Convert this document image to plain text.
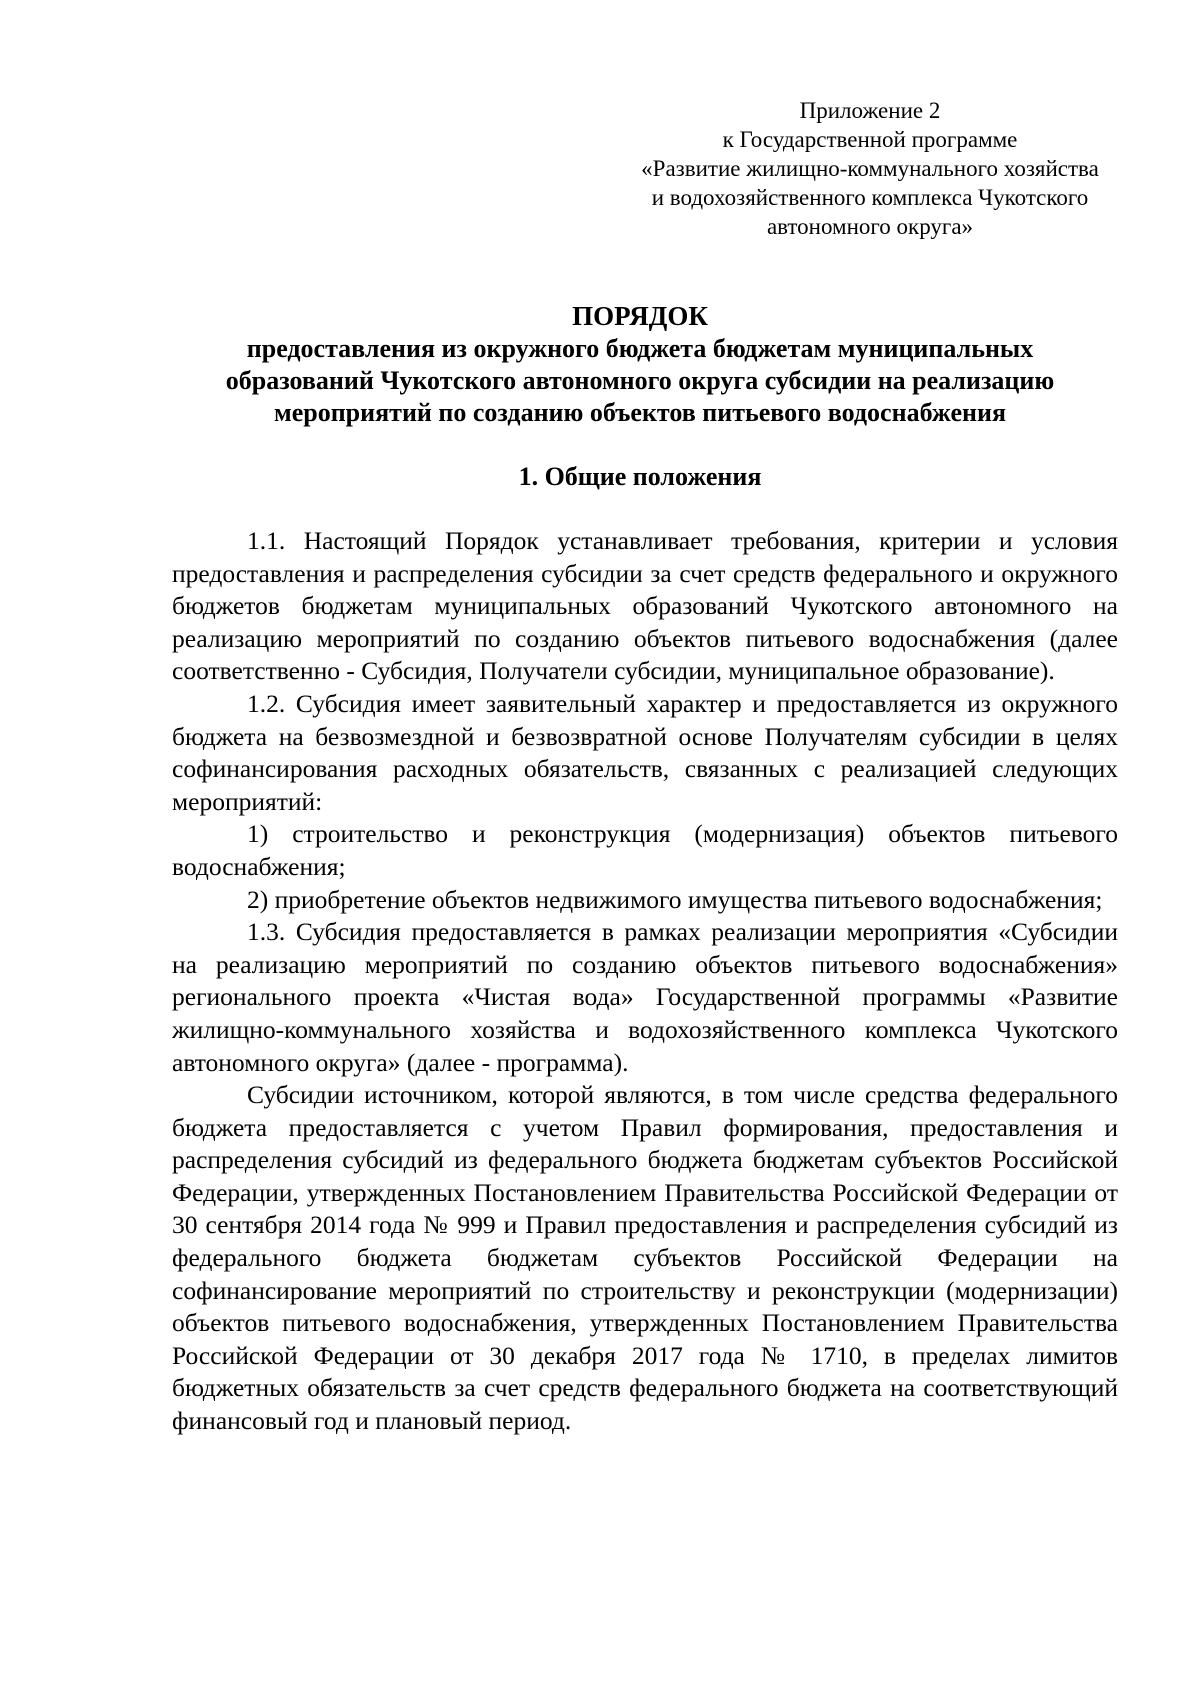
Приложение 2
к Государственной программе
«Развитие жилищно-коммунального хозяйства
и водохозяйственного комплекса Чукотского
автономного округа»
ПОРЯДОК
предоставления из окружного бюджета бюджетам муниципальных
образований Чукотского автономного округа субсидии на реализацию
мероприятий по созданию объектов питьевого водоснабжения
1. Общие положения

1.1. Настоящий Порядок устанавливает требования, критерии и условия предоставления и распределения субсидии за счет средств федерального и окружного бюджетов бюджетам муниципальных образований Чукотского автономного на реализацию мероприятий по созданию объектов питьевого водоснабжения (далее соответственно - Субсидия, Получатели субсидии, муниципальное образование).

1.2. Субсидия имеет заявительный характер и предоставляется из окружного бюджета на безвозмездной и безвозвратной основе Получателям субсидии в целях софинансирования расходных обязательств, связанных с реализацией следующих мероприятий:

1) строительство и реконструкция (модернизация) объектов питьевого водоснабжения;

2) приобретение объектов недвижимого имущества питьевого водоснабжения;

1.3. Субсидия предоставляется в рамках реализации мероприятия «Субсидии на реализацию мероприятий по созданию объектов питьевого водоснабжения» регионального проекта «Чистая вода» Государственной программы «Развитие жилищно-коммунального хозяйства и водохозяйственного комплекса Чукотского автономного округа» (далее - программа).

Субсидии источником, которой являются, в том числе средства федерального бюджета предоставляется с учетом Правил формирования, предоставления и распределения субсидий из федерального бюджета бюджетам субъектов Российской Федерации, утвержденных Постановлением Правительства Российской Федерации от 30 сентября 2014 года № 999 и Правил предоставления и распределения субсидий из федерального бюджета бюджетам субъектов Российской Федерации на софинансирование мероприятий по строительству и реконструкции (модернизации) объектов питьевого водоснабжения, утвержденных Постановлением Правительства Российской Федерации от 30 декабря 2017 года № 1710, в пределах лимитов бюджетных обязательств за счет средств федерального бюджета на соответствующий финансовый год и плановый период.
